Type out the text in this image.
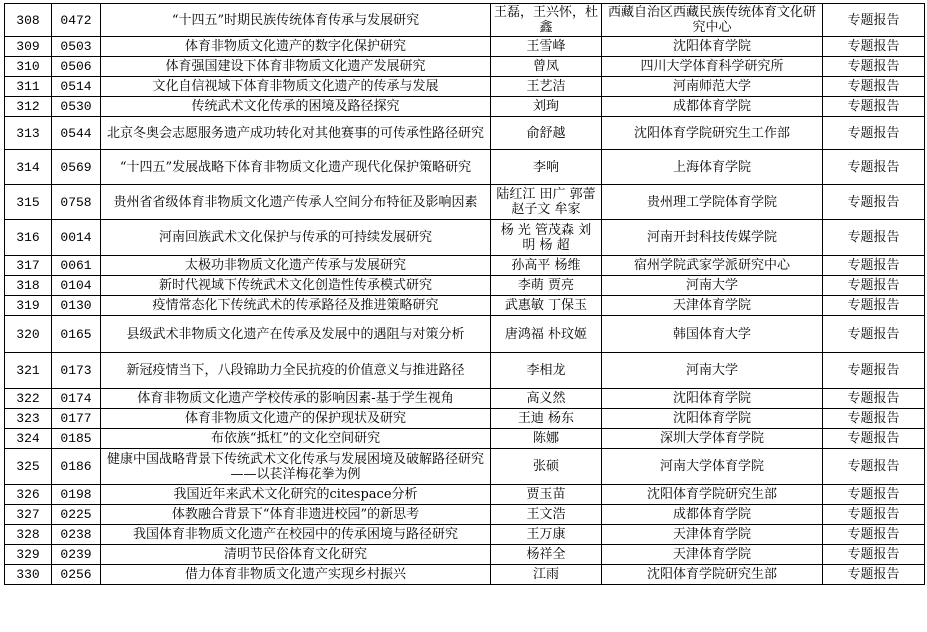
308	0472	“十四五”时期民族传统体育传承与发展研究	王磊，王兴怀，杜鑫	西藏自治区西藏民族传统体育文化研究中心	专题报告
309	0503	体育非物质文化遗产的数字化保护研究	王雪峰	沈阳体育学院	专题报告
310	0506	体育强国建设下体育非物质文化遗产发展研究	曾凤	四川大学体育科学研究所	专题报告
311	0514	文化自信视域下体育非物质文化遗产的传承与发展	王艺洁	河南师范大学	专题报告
312	0530	传统武术文化传承的困境及路径探究	刘珣	成都体育学院	专题报告
313	0544	北京冬奥会志愿服务遗产成功转化对其他赛事的可传承性路径研究	俞舒越	沈阳体育学院研究生工作部	专题报告
314	0569	“十四五”发展战略下体育非物质文化遗产现代化保护策略研究	李响	上海体育学院	专题报告
315	0758	贵州省省级体育非物质文化遗产传承人空间分布特征及影响因素	陆红江 田广 郭蕾 赵子文 牟家	贵州理工学院体育学院	专题报告
316	0014	河南回族武术文化保护与传承的可持续发展研究	杨 光 管茂森 刘 明 杨 超	河南开封科技传媒学院	专题报告
317	0061	太极功非物质文化遗产传承与发展研究	孙高平 杨维	宿州学院武家学派研究中心	专题报告
318	0104	新时代视域下传统武术文化创造性传承模式研究	李萌 贾亮	河南大学	专题报告
319	0130	疫情常态化下传统武术的传承路径及推进策略研究	武惠敏 丁保玉	天津体育学院	专题报告
320	0165	县级武术非物质文化遗产在传承及发展中的遇阻与对策分析	唐鸿福 朴玟姬	韩国体育大学	专题报告
321	0173	新冠疫情当下，八段锦助力全民抗疫的价值意义与推进路径	李相龙	河南大学	专题报告
322	0174	体育非物质文化遗产学校传承的影响因素-基于学生视角	高义然	沈阳体育学院	专题报告
323	0177	体育非物质文化遗产的保护现状及研究	王迪 杨东	沈阳体育学院	专题报告
324	0185	布依族“抵杠”的文化空间研究	陈娜	深圳大学体育学院	专题报告
325	0186	健康中国战略背景下传统武术文化传承与发展困境及破解路径研究——以苌洋梅花拳为例	张硕	河南大学体育学院	专题报告
326	0198	我国近年来武术文化研究的citespace分析	贾玉苗	沈阳体育学院研究生部	专题报告
327	0225	体教融合背景下“体育非遗进校园”的新思考	王文浩	成都体育学院	专题报告
328	0238	我国体育非物质文化遗产在校园中的传承困境与路径研究	王万康	天津体育学院	专题报告
329	0239	清明节民俗体育文化研究	杨祥全	天津体育学院	专题报告
330	0256	借力体育非物质文化遗产实现乡村振兴	江雨	沈阳体育学院研究生部	专题报告
